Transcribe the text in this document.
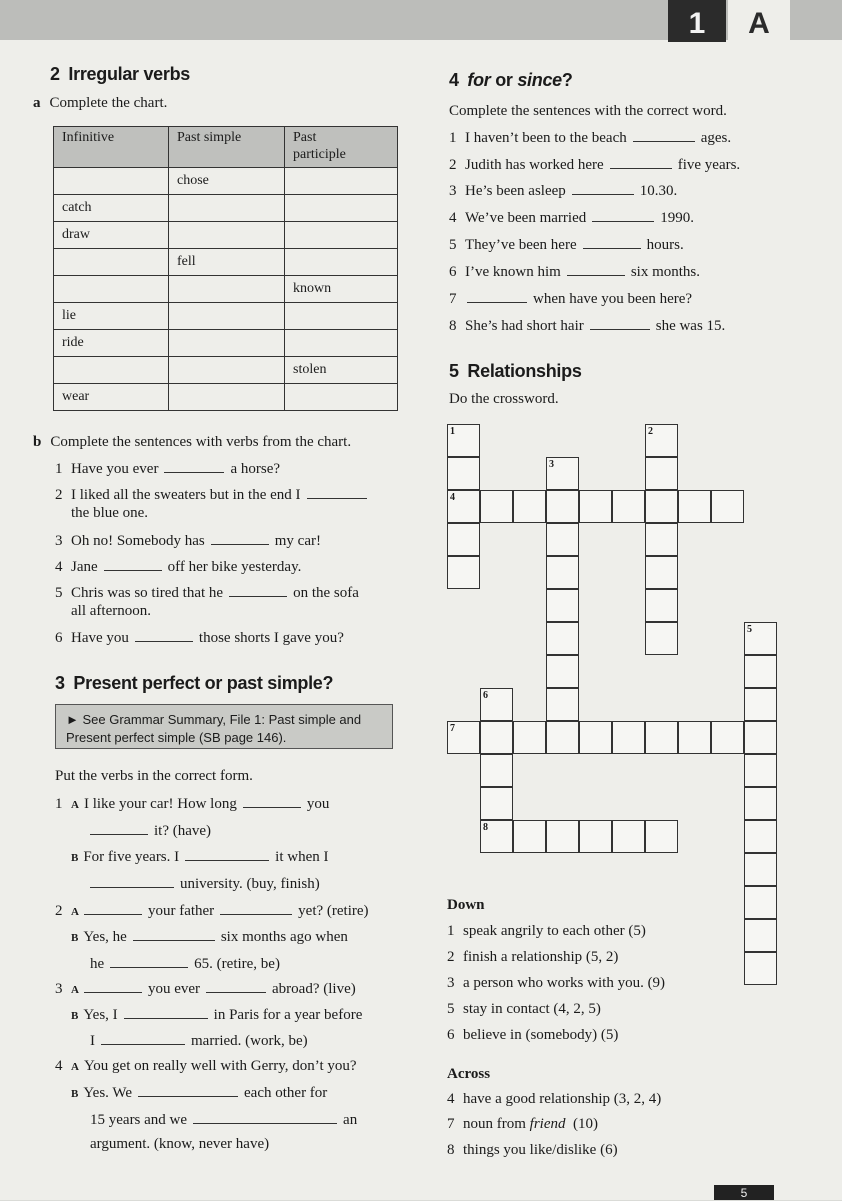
1	A
2 Irregular verbs
a Complete the chart.
Infinitive	Past simple	Past
participle
	chose	
catch		
draw		
	fell	
		known
lie		
ride		
		stolen
wear		
b Complete the sentences with verbs from the chart.
1 Have you ever	a horse?
2 I liked all the sweaters but in the end I
the blue one.
3 Oh no! Somebody has	my car!
4 Jane	off her bike yesterday.
5 Chris was so tired that he	on the sofa
all afternoon.
6 Have you	those shorts I gave you?
3 Present perfect or past simple?
► See Grammar Summary, File 1: Past simple and
Present perfect simple (SB page 146).
Put the verbs in the correct form.
1 A I like your car! How long	you
it? (have)
B For five years. I	it when I
university. (buy, finish)
2 A	your father	yet? (retire)
B Yes, he	six months ago when
he	65. (retire, be)
3 A	you ever	abroad? (live)
B Yes, I	in Paris for a year before
I	married. (work, be)
4 A You get on really well with Gerry, don’t you?
B Yes. We	each other for
15 years and we	an
argument. (know, never have)
4 for or since?
Complete the sentences with the correct word.
1 I haven’t been to the beach	ages.
2 Judith has worked here	five years.
3 He’s been asleep	10.30.
4 We’ve been married	1990.
5 They’ve been here	hours.
6 I’ve known him	six months.
7	when have you been here?
8 She’s had short hair	she was 15.
5 Relationships
Do the crossword.
1	2
3
4
5
6
7
8
Down
1 speak angrily to each other (5)
2 finish a relationship (5, 2)
3 a person who works with you. (9)
5 stay in contact (4, 2, 5)
6 believe in (somebody) (5)
Across
4 have a good relationship (3, 2, 4)
7 noun from friend  (10)
8 things you like/dislike (6)
5
